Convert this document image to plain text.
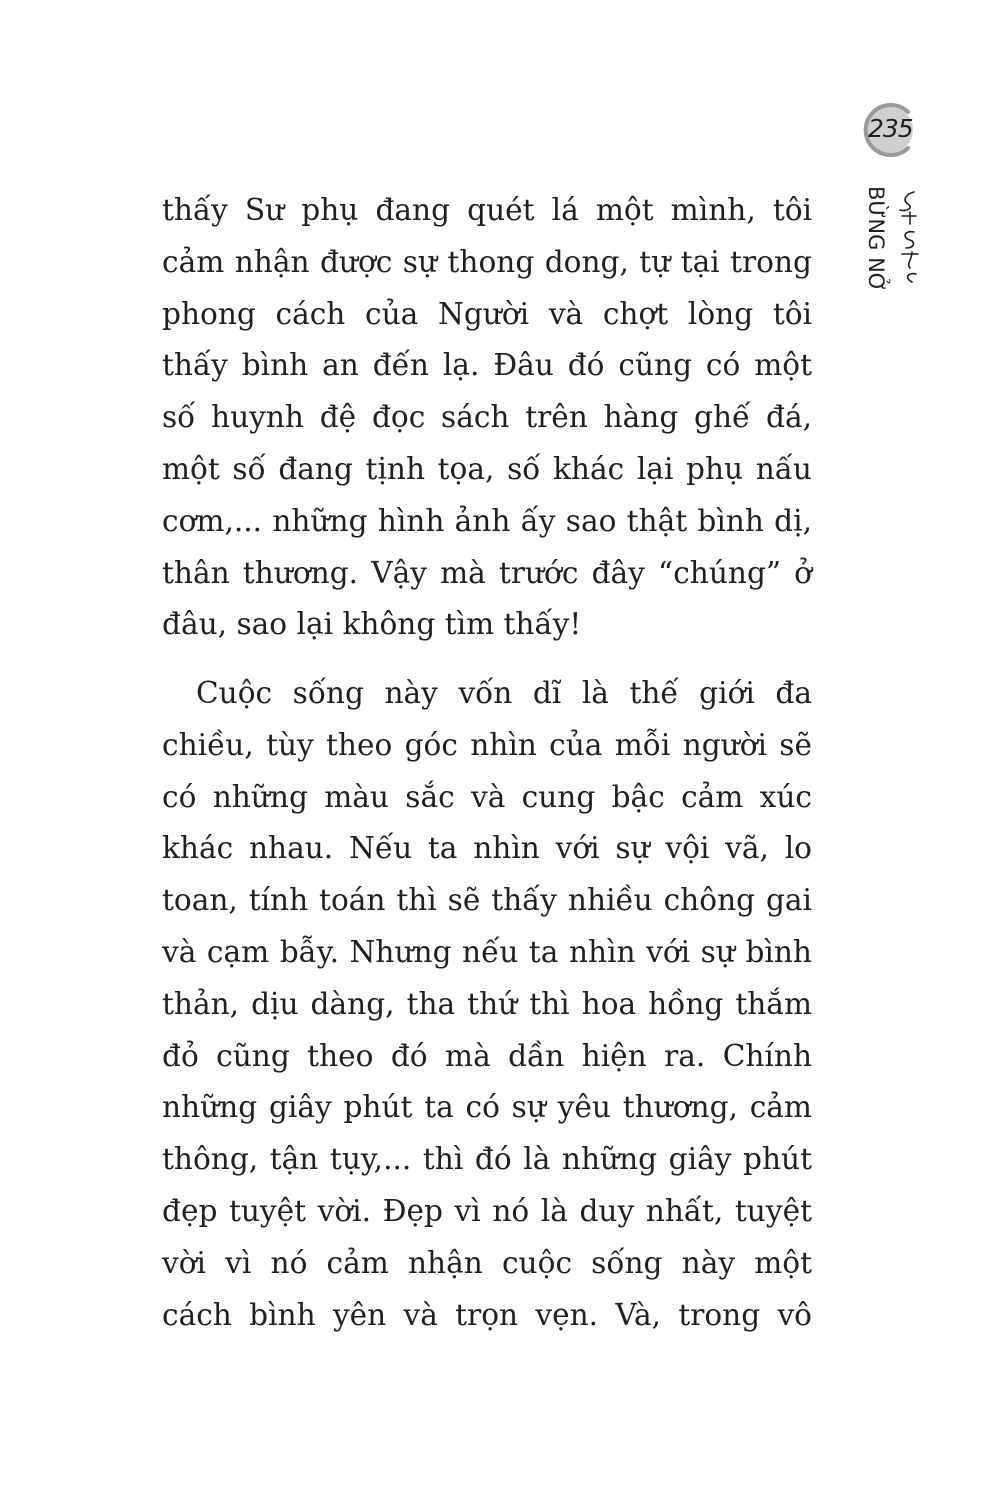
235
BỪNG NỞ
thấy Sư phụ đang quét lá một mình, tôi
cảm nhận được sự thong dong, tự tại trong
phong cách của Người và chợt lòng tôi
thấy bình an đến lạ. Đâu đó cũng có một
số huynh đệ đọc sách trên hàng ghế đá,
một số đang tịnh tọa, số khác lại phụ nấu
cơm,... những hình ảnh ấy sao thật bình dị,
thân thương. Vậy mà trước đây “chúng” ở
đâu, sao lại không tìm thấy!
Cuộc sống này vốn dĩ là thế giới đa
chiều, tùy theo góc nhìn của mỗi người sẽ
có những màu sắc và cung bậc cảm xúc
khác nhau. Nếu ta nhìn với sự vội vã, lo
toan, tính toán thì sẽ thấy nhiều chông gai
và cạm bẫy. Nhưng nếu ta nhìn với sự bình
thản, dịu dàng, tha thứ thì hoa hồng thắm
đỏ cũng theo đó mà dần hiện ra. Chính
những giây phút ta có sự yêu thương, cảm
thông, tận tụy,... thì đó là những giây phút
đẹp tuyệt vời. Đẹp vì nó là duy nhất, tuyệt
vời vì nó cảm nhận cuộc sống này một
cách bình yên và trọn vẹn. Và, trong vô
